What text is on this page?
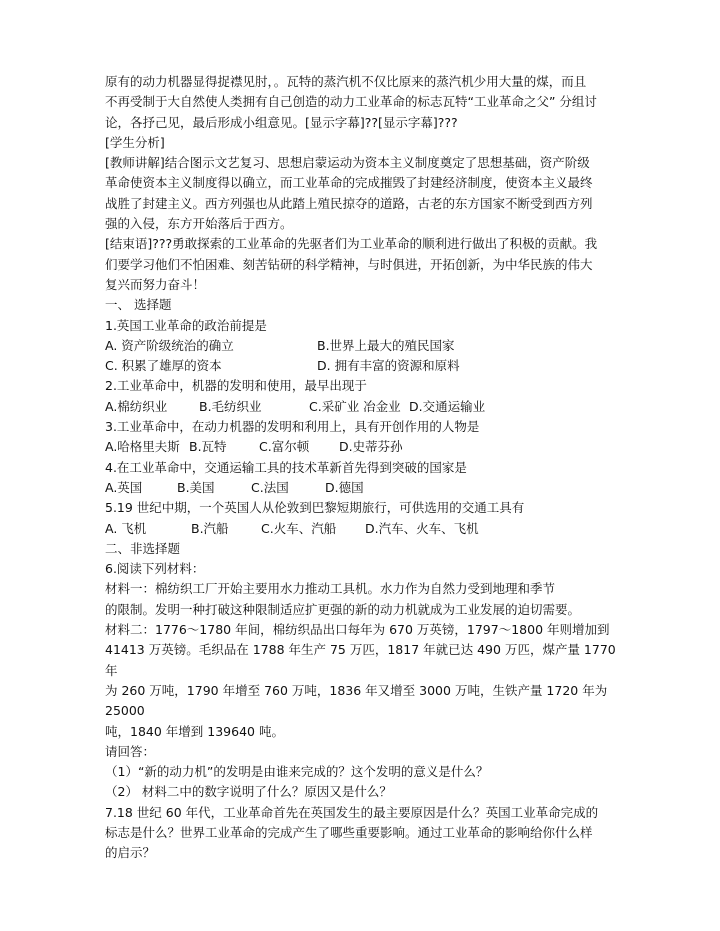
原有的动力机器显得捉襟见肘，。瓦特的蒸汽机不仅比原来的蒸汽机少用大量的煤，而且
不再受制于大自然使人类拥有自己创造的动力工业革命的标志瓦特“工业革命之父” 分组讨
论，各抒己见，最后形成小组意见。[显示字幕]??[显示字幕]???
[学生分析]
[教师讲解]结合图示文艺复习、思想启蒙运动为资本主义制度奠定了思想基础，资产阶级
革命使资本主义制度得以确立，而工业革命的完成摧毁了封建经济制度，使资本主义最终
战胜了封建主义。西方列强也从此踏上殖民掠夺的道路，古老的东方国家不断受到西方列
强的入侵，东方开始落后于西方。
[结束语]???勇敢探索的工业革命的先驱者们为工业革命的顺利进行做出了积极的贡献。我
们要学习他们不怕困难、刻苦钻研的科学精神，与时俱进，开拓创新，为中华民族的伟大
复兴而努力奋斗！
一、 选择题
1.英国工业革命的政治前提是
A. 资产阶级统治的确立	B.世界上最大的殖民国家
C. 积累了雄厚的资本	D. 拥有丰富的资源和原料
2.工业革命中，机器的发明和使用，最早出现于
A.棉纺织业	B.毛纺织业	C.采矿业 冶金业 D.交通运输业
3.工业革命中，在动力机器的发明和利用上，具有开创作用的人物是
A.哈格里夫斯 B.瓦特	C.富尔顿	D.史蒂芬孙
4.在工业革命中，交通运输工具的技术革新首先得到突破的国家是
A.英国	B.美国	C.法国	D.德国
5.19 世纪中期，一个英国人从伦敦到巴黎短期旅行，可供选用的交通工具有
A. 飞机	B.汽船	C.火车、汽船	D.汽车、火车、飞机
二、非选择题
6.阅读下列材料：
材料一：棉纺织工厂开始主要用水力推动工具机。水力作为自然力受到地理和季节
的限制。发明一种打破这种限制适应扩更强的新的动力机就成为工业发展的迫切需要。
材料二：1776～1780 年间，棉纺织品出口每年为 670 万英镑，1797～1800 年则增加到
41413 万英镑。毛织品在 1788 年生产 75 万匹，1817 年就已达 490 万匹，煤产量 1770
年
为 260 万吨，1790 年增至 760 万吨，1836 年又增至 3000 万吨，生铁产量 1720 年为
25000
吨，1840 年增到 139640 吨。
请回答：
（1）“新的动力机”的发明是由谁来完成的？这个发明的意义是什么？
（2） 材料二中的数字说明了什么？原因又是什么？
7.18 世纪 60 年代，工业革命首先在英国发生的最主要原因是什么？英国工业革命完成的
标志是什么？世界工业革命的完成产生了哪些重要影响。通过工业革命的影响给你什么样
的启示？
